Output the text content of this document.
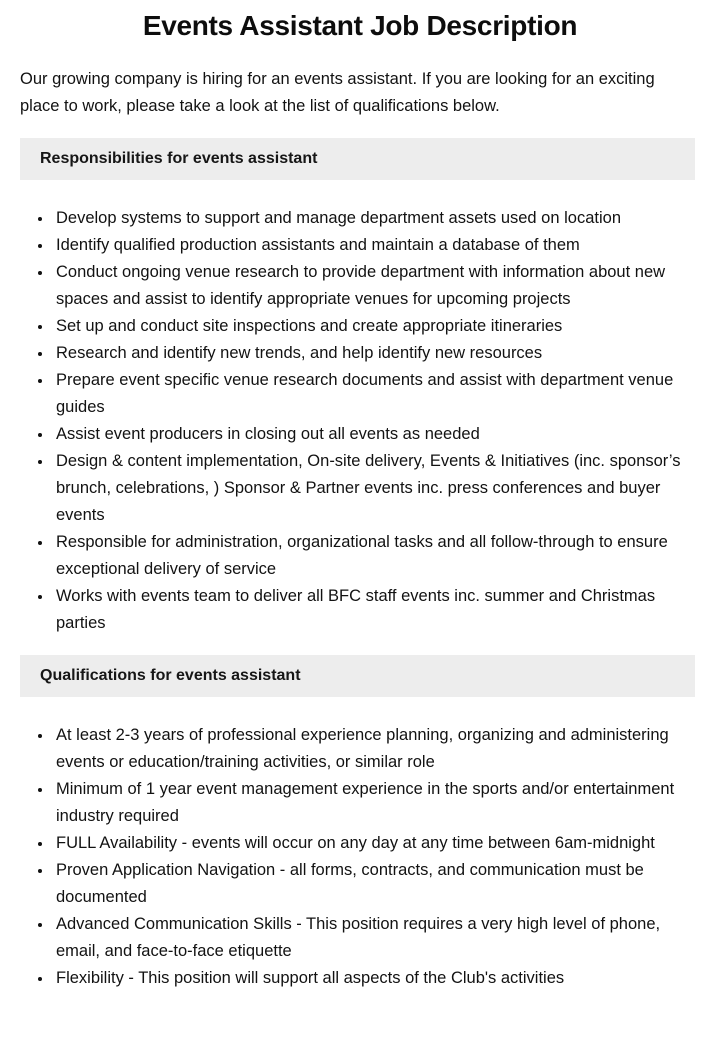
Events Assistant Job Description

Our growing company is hiring for an events assistant. If you are looking for an exciting place to work, please take a look at the list of qualifications below.

Responsibilities for events assistant
• Develop systems to support and manage department assets used on location
• Identify qualified production assistants and maintain a database of them
• Conduct ongoing venue research to provide department with information about new spaces and assist to identify appropriate venues for upcoming projects
• Set up and conduct site inspections and create appropriate itineraries
• Research and identify new trends, and help identify new resources
• Prepare event specific venue research documents and assist with department venue guides
• Assist event producers in closing out all events as needed
• Design & content implementation, On-site delivery, Events & Initiatives (inc. sponsor’s brunch, celebrations, ) Sponsor & Partner events inc. press conferences and buyer events
• Responsible for administration, organizational tasks and all follow-through to ensure exceptional delivery of service
• Works with events team to deliver all BFC staff events inc. summer and Christmas parties
Qualifications for events assistant
• At least 2-3 years of professional experience planning, organizing and administering events or education/training activities, or similar role
• Minimum of 1 year event management experience in the sports and/or entertainment industry required
• FULL Availability - events will occur on any day at any time between 6am-midnight
• Proven Application Navigation - all forms, contracts, and communication must be documented
• Advanced Communication Skills - This position requires a very high level of phone, email, and face-to-face etiquette
• Flexibility - This position will support all aspects of the Club's activities
